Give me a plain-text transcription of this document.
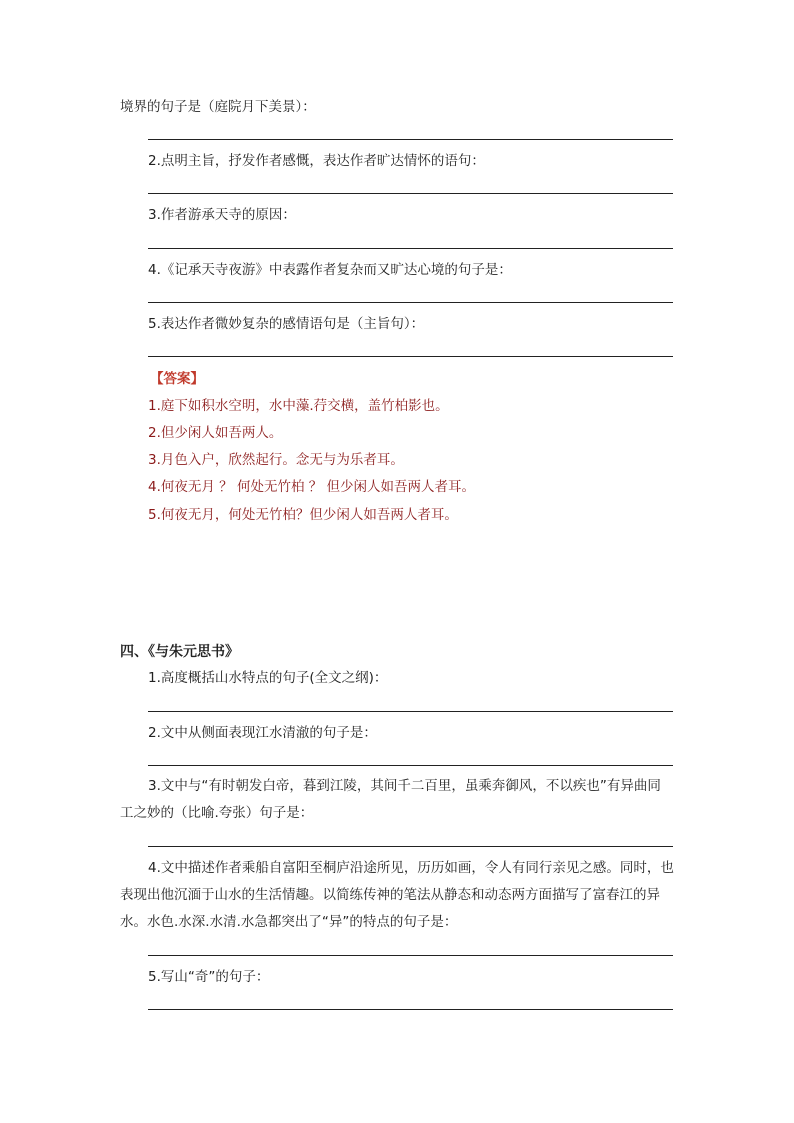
境界的句子是（庭院月下美景）：
2.点明主旨，抒发作者感慨，表达作者旷达情怀的语句：
3.作者游承天寺的原因：
4.《记承天寺夜游》中表露作者复杂而又旷达心境的句子是：
5.表达作者微妙复杂的感情语句是（主旨句）：
【答案】
1.庭下如积水空明，水中藻.荇交横，盖竹柏影也。
2.但少闲人如吾两人。
3.月色入户，欣然起行。念无与为乐者耳。
4.何夜无月 ？ 何处无竹柏 ？ 但少闲人如吾两人者耳。
5.何夜无月，何处无竹柏？但少闲人如吾两人者耳。
四、《与朱元思书》
1.高度概括山水特点的句子(全文之纲)：
2.文中从侧面表现江水清澈的句子是：
3.文中与“有时朝发白帝，暮到江陵，其间千二百里，虽乘奔御风，不以疾也”有异曲同工之妙的（比喻.夸张）句子是：
4.文中描述作者乘船自富阳至桐庐沿途所见，历历如画，令人有同行亲见之感。同时，也表现出他沉湎于山水的生活情趣。以简练传神的笔法从静态和动态两方面描写了富春江的异水。水色.水深.水清.水急都突出了“异”的特点的句子是：
5.写山“奇”的句子：
